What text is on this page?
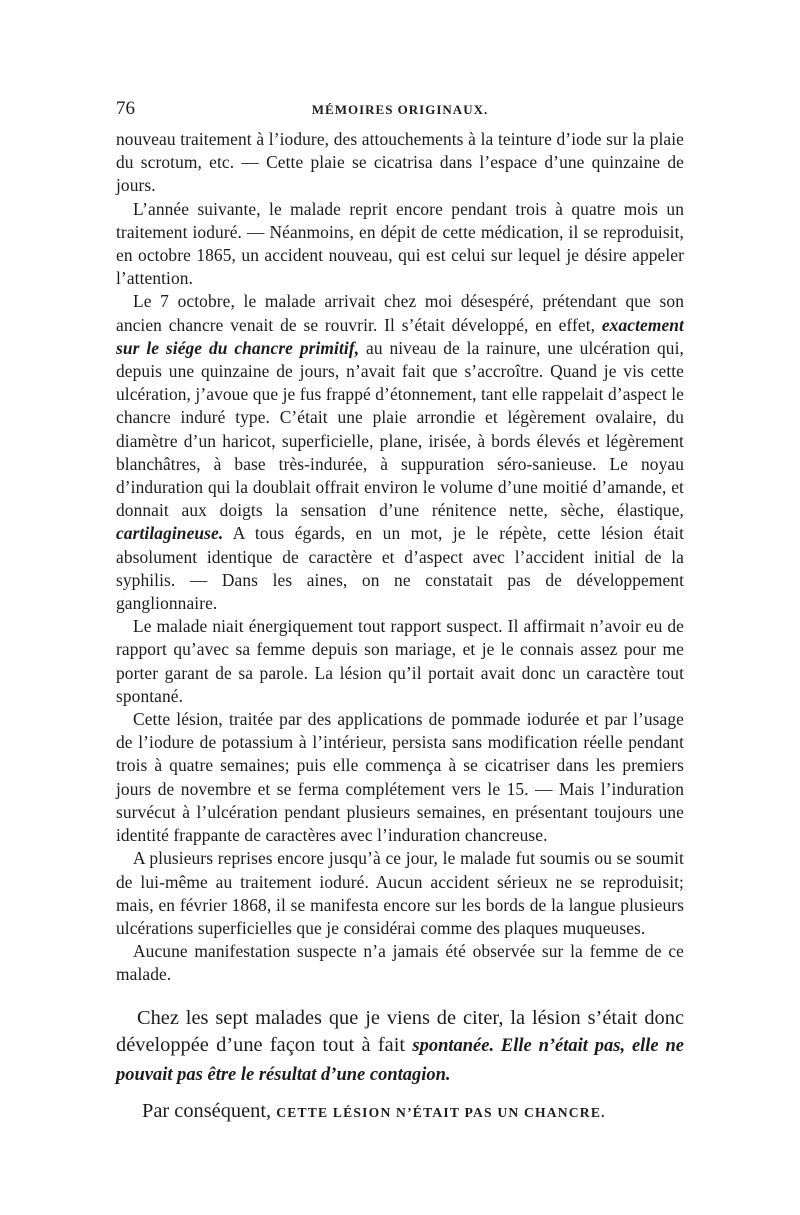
76	MÉMOIRES ORIGINAUX.

nouveau traitement à l’iodure, des attouchements à la teinture d’iode sur la plaie du scrotum, etc. — Cette plaie se cicatrisa dans l’espace d’une quinzaine de jours.

L’année suivante, le malade reprit encore pendant trois à quatre mois un traitement ioduré. — Néanmoins, en dépit de cette médication, il se reproduisit, en octobre 1865, un accident nouveau, qui est celui sur lequel je désire appeler l’attention.

Le 7 octobre, le malade arrivait chez moi désespéré, prétendant que son ancien chancre venait de se rouvrir. Il s’était développé, en effet, exactement sur le siége du chancre primitif, au niveau de la rainure, une ulcération qui, depuis une quinzaine de jours, n’avait fait que s’accroître. Quand je vis cette ulcération, j’avoue que je fus frappé d’étonnement, tant elle rappelait d’aspect le chancre induré type. C’était une plaie arrondie et légèrement ovalaire, du diamètre d’un haricot, superficielle, plane, irisée, à bords élevés et légèrement blanchâtres, à base très-indurée, à suppuration séro-sanieuse. Le noyau d’induration qui la doublait offrait environ le volume d’une moitié d’amande, et donnait aux doigts la sensation d’une rénitence nette, sèche, élastique, cartilagineuse. A tous égards, en un mot, je le répète, cette lésion était absolument identique de caractère et d’aspect avec l’accident initial de la syphilis. — Dans les aines, on ne constatait pas de développement ganglionnaire.

Le malade niait énergiquement tout rapport suspect. Il affirmait n’avoir eu de rapport qu’avec sa femme depuis son mariage, et je le connais assez pour me porter garant de sa parole. La lésion qu’il portait avait donc un caractère tout spontané.

Cette lésion, traitée par des applications de pommade iodurée et par l’usage de l’iodure de potassium à l’intérieur, persista sans modification réelle pendant trois à quatre semaines; puis elle commença à se cicatriser dans les premiers jours de novembre et se ferma complétement vers le 15. — Mais l’induration survécut à l’ulcération pendant plusieurs semaines, en présentant toujours une identité frappante de caractères avec l’induration chancreuse.

A plusieurs reprises encore jusqu’à ce jour, le malade fut soumis ou se soumit de lui-même au traitement ioduré. Aucun accident sérieux ne se reproduisit; mais, en février 1868, il se manifesta encore sur les bords de la langue plusieurs ulcérations superficielles que je considérai comme des plaques muqueuses.

Aucune manifestation suspecte n’a jamais été observée sur la femme de ce malade.

Chez les sept malades que je viens de citer, la lésion s’était donc développée d’une façon tout à fait spontanée. Elle n’était pas, elle ne pouvait pas être le résultat d’une contagion.

Par conséquent, CETTE LÉSION N’ÉTAIT PAS UN CHANCRE.
